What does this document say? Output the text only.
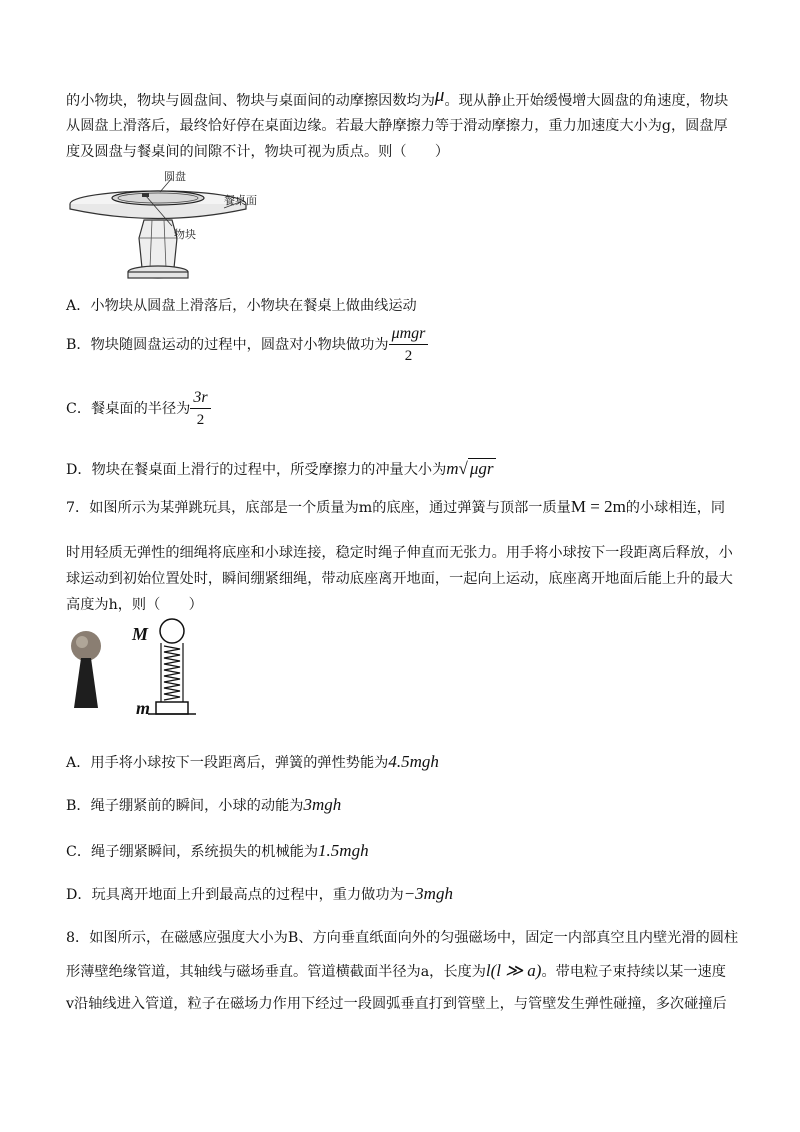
的小物块，物块与圆盘间、物块与桌面间的动摩擦因数均为μ。现从静止开始缓慢增大圆盘的角速度，物块
从圆盘上滑落后，最终恰好停在桌面边缘。若最大静摩擦力等于滑动摩擦力，重力加速度大小为g，圆盘厚
度及圆盘与餐桌间的间隙不计，物块可视为质点。则（　　）
圆盘
餐桌面
物块
A．小物块从圆盘上滑落后，小物块在餐桌上做曲线运动
B．物块随圆盘运动的过程中，圆盘对小物块做功为 $\frac{\text{μmgr}}{2}$
C．餐桌面的半径为 $\frac{3r}{2}$
D．物块在餐桌面上滑行的过程中，所受摩擦力的冲量大小为m√ μgr
7．如图所示为某弹跳玩具，底部是一个质量为m的底座，通过弹簧与顶部一质量M = 2m的小球相连，同
时用轻质无弹性的细绳将底座和小球连接，稳定时绳子伸直而无张力。用手将小球按下一段距离后释放，小
球运动到初始位置处时，瞬间绷紧细绳，带动底座离开地面，一起向上运动，底座离开地面后能上升的最大
高度为h，则（　　）
M
m
A．用手将小球按下一段距离后，弹簧的弹性势能为4.5mgh
B．绳子绷紧前的瞬间，小球的动能为3mgh
C．绳子绷紧瞬间，系统损失的机械能为1.5mgh
D．玩具离开地面上升到最高点的过程中，重力做功为−3mgh
8．如图所示，在磁感应强度大小为B、方向垂直纸面向外的匀强磁场中，固定一内部真空且内壁光滑的圆柱
形薄壁绝缘管道，其轴线与磁场垂直。管道横截面半径为a，长度为l(l ≫ a)。带电粒子束持续以某一速度
v沿轴线进入管道，粒子在磁场力作用下经过一段圆弧垂直打到管壁上，与管壁发生弹性碰撞，多次碰撞后
